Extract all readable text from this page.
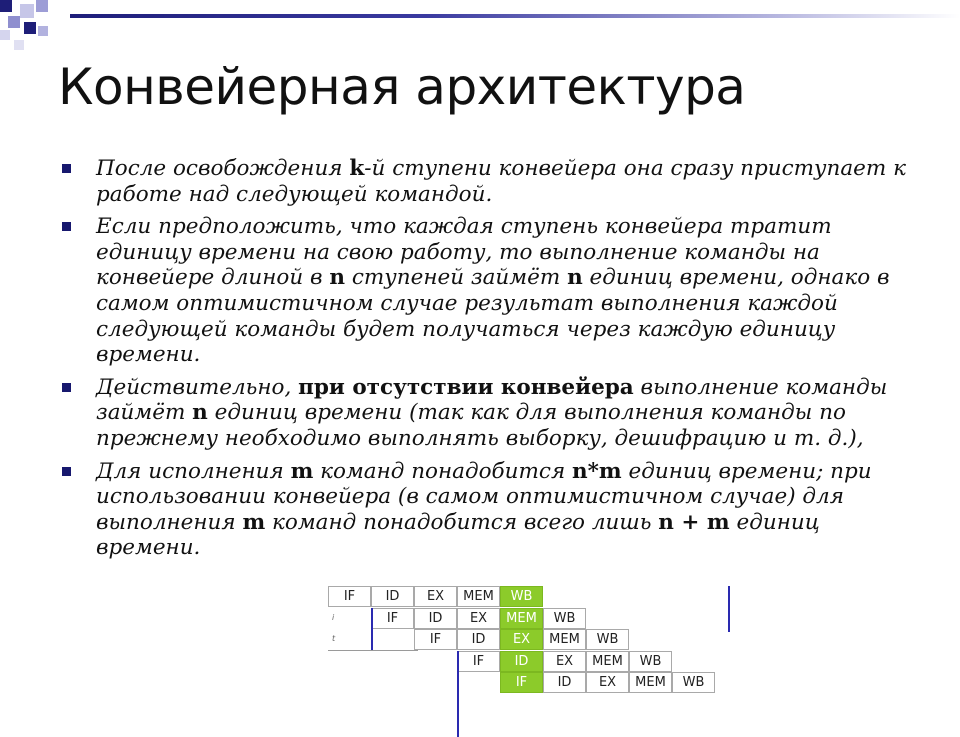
Конвейерная архитектура
После освобождения k-й ступени конвейера она сразу приступает к работе над следующей командой.
Если предположить, что каждая ступень конвейера тратит единицу времени на свою работу, то выполнение команды на конвейере длиной в n ступеней займёт n единиц времени, однако в самом оптимистичном случае результат выполнения каждой следующей команды будет получаться через каждую единицу времени.
Действительно, при отсутствии конвейера выполнение команды займёт n единиц времени (так как для выполнения команды по прежнему необходимо выполнять выборку, дешифрацию и т. д.),
Для исполнения m команд понадобится n*m единиц времени; при использовании конвейера (в самом оптимистичном случае) для выполнения m команд понадобится всего лишь n + m единиц времени.
IF	ID	EX	MEM	WB
IF	ID	EX	MEM	WB
i
IF	ID	EX	MEM	WB
t
IF	ID	EX	MEM	WB
IF	ID	EX	MEM	WB
